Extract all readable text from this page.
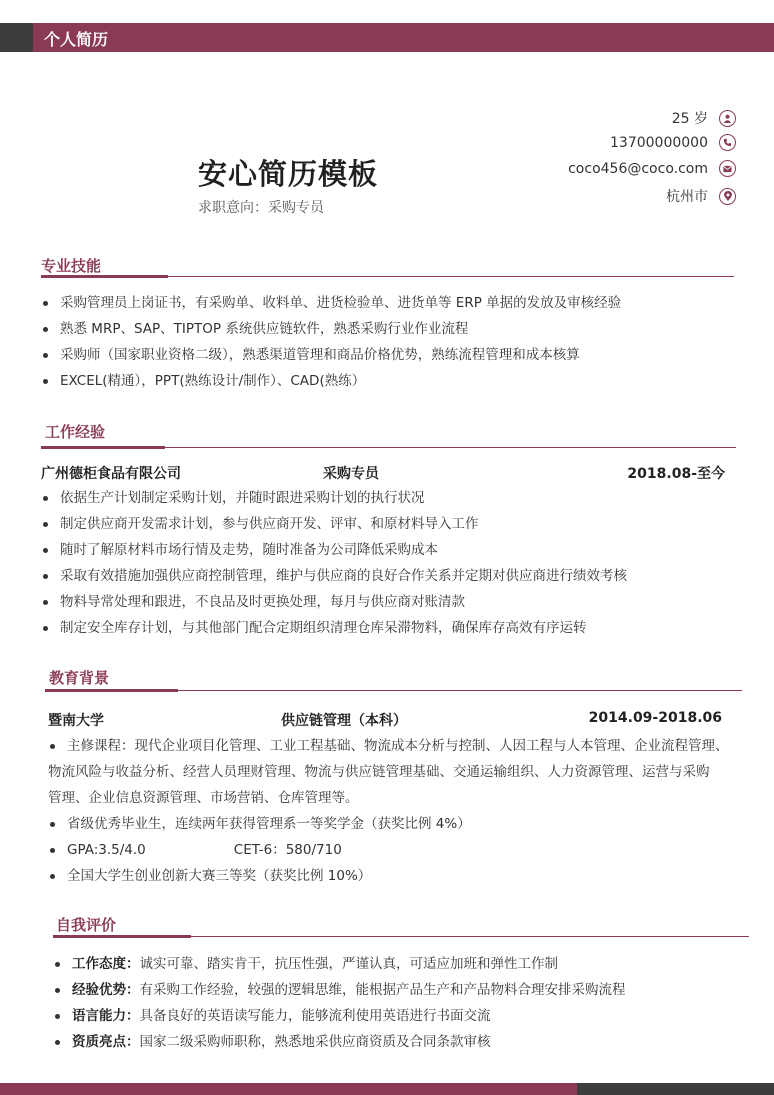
个人简历
安心简历模板
求职意向：采购专员
25 岁
13700000000
coco456@coco.com
杭州市
专业技能
采购管理员上岗证书，有采购单、收料单、进货检验单、进货单等 ERP 单据的发放及审核经验
熟悉 MRP、SAP、TIPTOP 系统供应链软件，熟悉采购行业作业流程
采购师（国家职业资格二级），熟悉渠道管理和商品价格优势，熟练流程管理和成本核算
EXCEL(精通），PPT(熟练设计/制作）、CAD(熟练）
工作经验
广州德柜食品有限公司	采购专员	2018.08-至今
依据生产计划制定采购计划，并随时跟进采购计划的执行状况
制定供应商开发需求计划，参与供应商开发、评审、和原材料导入工作
随时了解原材料市场行情及走势，随时准备为公司降低采购成本
采取有效措施加强供应商控制管理，维护与供应商的良好合作关系并定期对供应商进行绩效考核
物料导常处理和跟进，不良品及时更换处理，每月与供应商对账清款
制定安全库存计划，与其他部门配合定期组织清理仓库呆滞物料，确保库存高效有序运转
教育背景
暨南大学	供应链管理（本科）	2014.09-2018.06
主修课程：现代企业项目化管理、工业工程基础、物流成本分析与控制、人因工程与人本管理、企业流程管理、
物流风险与收益分析、经营人员理财管理、物流与供应链管理基础、交通运输组织、人力资源管理、运营与采购
管理、企业信息资源管理、市场营销、仓库管理等。
省级优秀毕业生，连续两年获得管理系一等奖学金（获奖比例 4%）
GPA:3.5/4.0	CET-6：580/710
全国大学生创业创新大赛三等奖（获奖比例 10%）
自我评价
工作态度：诚实可靠、踏实肯干，抗压性强，严谨认真，可适应加班和弹性工作制
经验优势：有采购工作经验，较强的逻辑思维，能根据产品生产和产品物料合理安排采购流程
语言能力：具备良好的英语读写能力，能够流利使用英语进行书面交流
资质亮点：国家二级采购师职称，熟悉地采供应商资质及合同条款审核
